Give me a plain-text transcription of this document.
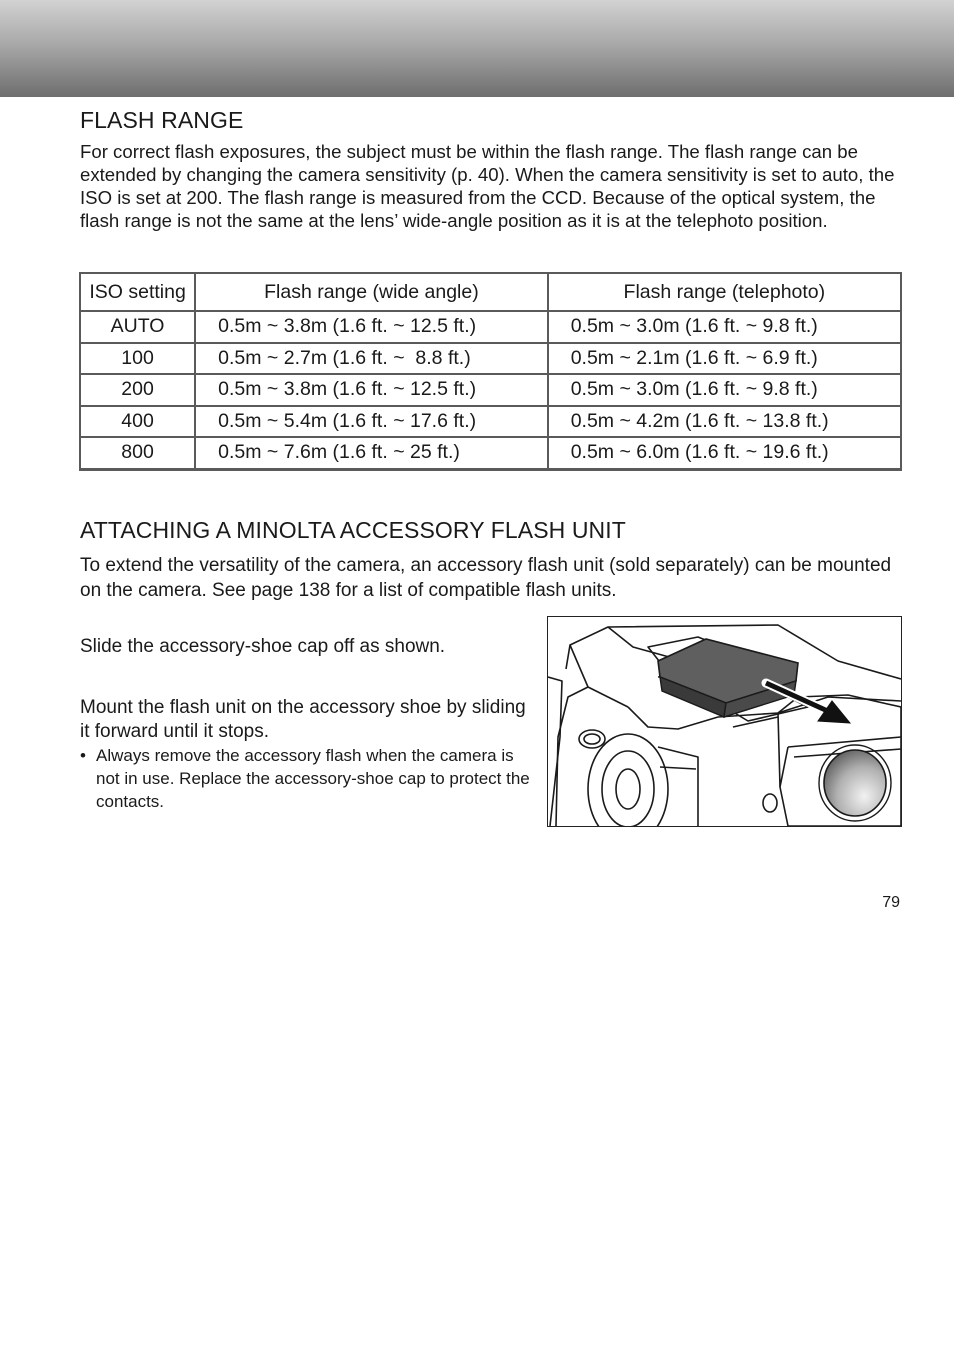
FLASH RANGE

For correct flash exposures, the subject must be within the flash range. The flash range can be extended by changing the camera sensitivity (p. 40). When the camera sensitivity is set to auto, the ISO is set at 200. The flash range is measured from the CCD. Because of the optical system, the flash range is not the same at the lens’ wide-angle position as it is at the telephoto position.

ISO setting	Flash range (wide angle)	Flash range (telephoto)
AUTO	0.5m ~ 3.8m (1.6 ft. ~ 12.5 ft.)	0.5m ~ 3.0m (1.6 ft. ~ 9.8 ft.)
100	0.5m ~ 2.7m (1.6 ft. ~  8.8 ft.)	0.5m ~ 2.1m (1.6 ft. ~ 6.9 ft.)
200	0.5m ~ 3.8m (1.6 ft. ~ 12.5 ft.)	0.5m ~ 3.0m (1.6 ft. ~ 9.8 ft.)
400	0.5m ~ 5.4m (1.6 ft. ~ 17.6 ft.)	0.5m ~ 4.2m (1.6 ft. ~ 13.8 ft.)
800	0.5m ~ 7.6m (1.6 ft. ~ 25 ft.)	0.5m ~ 6.0m (1.6 ft. ~ 19.6 ft.)
ATTACHING A MINOLTA ACCESSORY FLASH UNIT

To extend the versatility of the camera, an accessory flash unit (sold separately) can be mounted on the camera. See page 138 for a list of compatible flash units.

Slide the accessory-shoe cap off as shown.

Mount the flash unit on the accessory shoe by sliding it forward until it stops.

• Always remove the accessory flash when the camera is not in use. Replace the accessory-shoe cap to protect the contacts.
79
